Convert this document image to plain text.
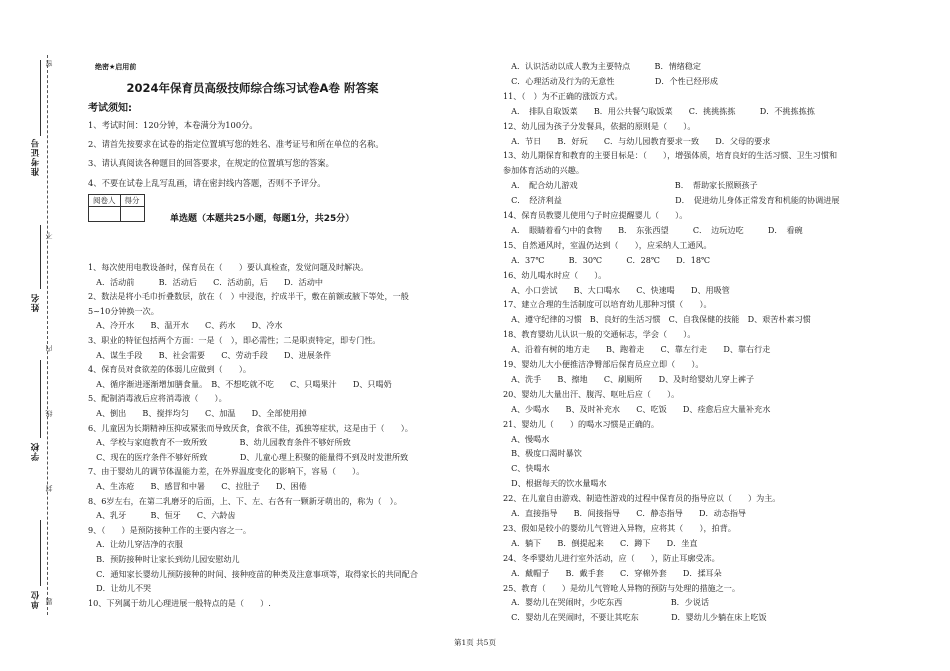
准考证号
姓名
学校
单位
密
不
内
线
封
题
绝密★启用前
2024年保育员高级技师综合练习试卷A卷 附答案
考试须知:
1、考试时间：120分钟，本卷满分为100分。
2、请首先按要求在试卷的指定位置填写您的姓名、准考证号和所在单位的名称。
3、请认真阅读各种题目的回答要求，在规定的位置填写您的答案。
4、不要在试卷上乱写乱画，请在密封线内答题，否则不予评分。
阅卷人	得分

单选题（本题共25小题，每题1分，共25分）
1、每次使用电教设备时，保育员在（　　）要认真检查，发觉问题及时解决。
　A．活动前　　　B．活动后　　C．活动前，后　　D．活动中
2、数法是将小毛巾折叠数层，放在（　）中浸泡，拧成半干，敷在前额或腋下等处，一般
5~10分钟换一次。
　A、冷开水　　B、温开水　　C、药水　　D、冷水
3、职业的特征包括两个方面：一是（　），即必需性；二是职责特定，即专门性。
　A、谋生手段　　B、社会需要　　C、劳动手段　　D、进展条件
4、保育员对食欲差的体弱儿应做到（　　）。
　A、循序渐进逐渐增加膳食量。　B、不想吃就不吃　　C、只喝果汁　　D、只喝奶
5、配制消毒液后应将消毒液（　　）。
　A、倒出　　B、搅拌均匀　　C、加温　　D、全部使用掉
6、儿童因为长期精神压抑或紧张而导致厌食，食欲不佳，孤独等症状，这是由于（　　）。
　A、学校与家庭教育不一致所致　　　　B、幼儿园教育条件不够好所致
　C、现在的医疗条件不够好所致　　　　D、儿童心理上积聚的能量得不到及时发泄所致
7、由于婴幼儿的调节体温能力差，在外界温度变化的影响下，容易（　　）。
　A、生冻疮　　B、感冒和中暑　　C、拉肚子　　D、困倦
8、6岁左右，在第二乳磨牙的后面，上、下、左、右各有一颗新牙萌出的，称为（　）。
　A、乳牙　　　B、恒牙　　C、六龄齿
9、（　　）是预防接种工作的主要内容之一。
　A．让幼儿穿洁净的衣服
　B．预防接种时让家长到幼儿园安慰幼儿
　C．通知家长婴幼儿预防接种的时间、接种疫苗的种类及注意事项等，取得家长的共同配合
　D．让幼儿不哭
10、下列属于幼儿心理进展一般特点的是（　　）.
　A．认识活动以成人教为主要特点　　　B．情绪稳定
　C．心理活动及行为的无意性　　　　　D．个性已经形成
11、（　）为不正确的涨饭方式。
　A．　排队自取饭菜　　B．用公共餐勺取饭菜　　C．挑挑拣拣　　　D．不挑拣拣拣
12、幼儿园为孩子分发餐具，依据的原则是（　　）。
　A．节日　　B．好玩　　C．与幼儿园教育要求一致　　D．父母的要求
13、幼儿期保育和教育的主要目标是：（　　），增强体质，培育良好的生活习惯、卫生习惯和
参加体育活动的兴趣。
　A．　配合幼儿游戏　　　　　　　　　　　　B．　帮助家长照顾孩子
　C．　经济利益　　　　　　　　　　　　　　D．　促进幼儿身体正常发育和机能的协调进展
14、保育员教婴儿使用勺子时应提醒婴儿（　　）。
　A．　眼睛着看勺中的食物　　B．　东张西望　　　C．　边玩边吃　　　D．　看碗
15、自然通风时，室温仍达到（　　），应采纳人工通风。
　A．37℃　　　B．30℃　　　C．28℃　　D．18℃
16、幼儿喝水时应（　　）。
　A、小口尝试　　B、大口喝水　　C、快速喝　　D、用吸管
17、建立合理的生活制度可以培育幼儿那种习惯（　　）。
　A、遵守纪律的习惯　B、良好的生活习惯　C、自我保健的技能　D、艰苦朴素习惯
18、教育婴幼儿认识一般的交通标志，学会（　　）。
　A、沿着有树的地方走　　B、跑着走　　C、靠左行走　　D、靠右行走
19、婴幼儿大小便推洁净臀部后保育员应立即（　　）。
　A、洗手　　B、擦地　　C、刷厕所　　D、及时给婴幼儿穿上裤子
20、婴幼儿大量出汗、腹泻、呕吐后应（　　）。
　A、少喝水　　B、及时补充水　　C、吃饭　　D、痊愈后应大量补充水
21、婴幼儿（　　）的喝水习惯是正确的。
　A、慢喝水
　B、极度口渴时暴饮
　C、快喝水
　D、根据每天的饮水量喝水
22、在儿童自由游戏、制造性游戏的过程中保育员的指导应以（　　）为主。
　A．直接指导　　B．间接指导　　C．静态指导　　D．动态指导
23、假如是较小的婴幼儿气管进入异物，应将其（　　），拍背。
　A．躺下　　B．倒提起来　　C．蹲下　　D．坐直
24、冬季婴幼儿进行室外活动，应（　　），防止耳廓受冻。
　A．戴帽子　　B．戴手套　　C．穿棉外套　　D．揉耳朵
25、教育（　　）是幼儿气管呛人异物的预防与处理的措施之一。
　A．婴幼儿在哭闹时，少吃东西　　　　　　B．少说话
　C．婴幼儿在哭闹时，不要让其吃东　　　　D．婴幼儿少躺在床上吃饭
第1页 共5页
